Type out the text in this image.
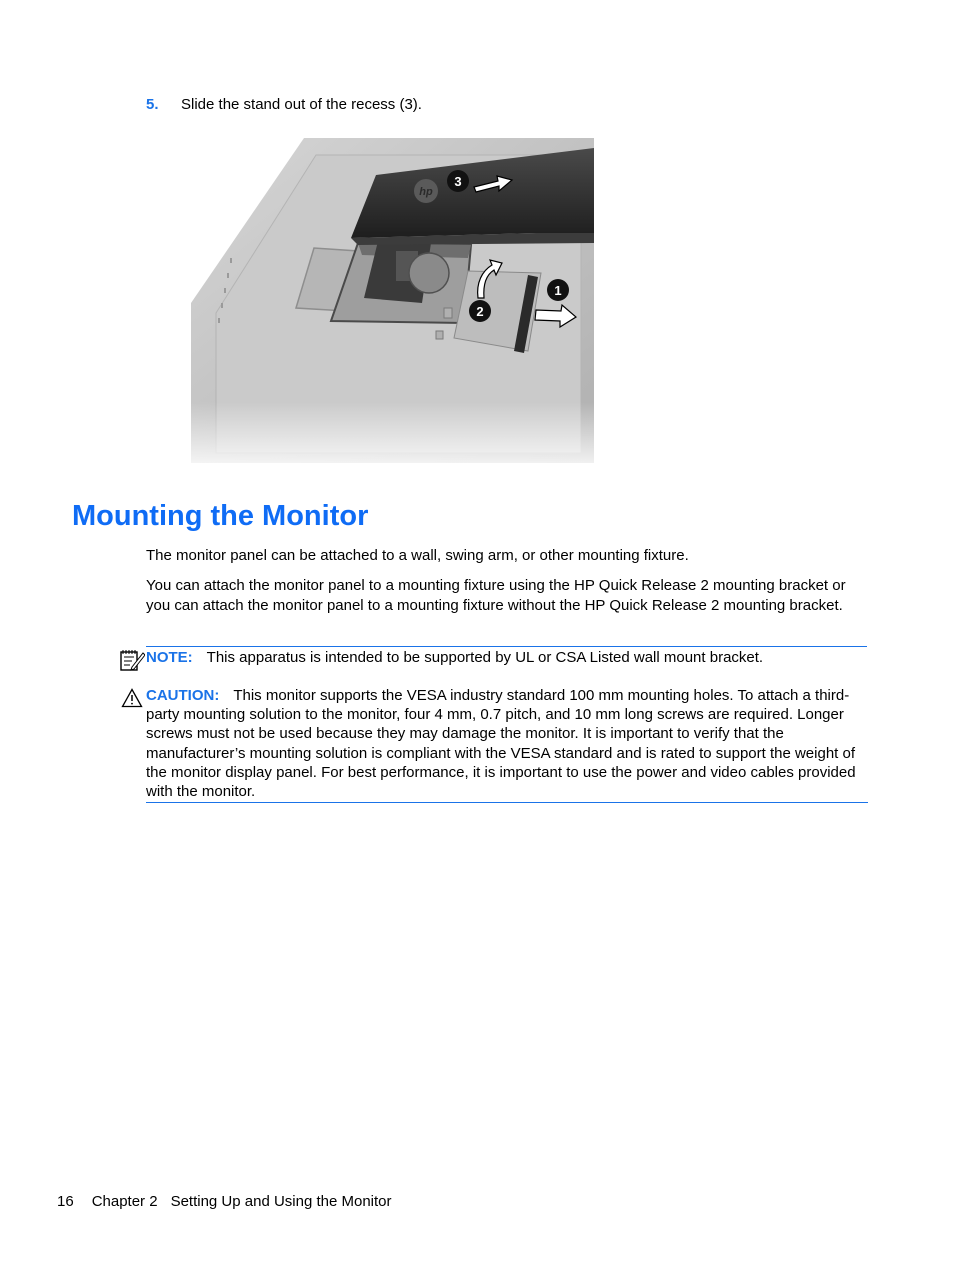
5. Slide the stand out of the recess (3).
Mounting the Monitor
The monitor panel can be attached to a wall, swing arm, or other mounting fixture.
You can attach the monitor panel to a mounting fixture using the HP Quick Release 2 mounting bracket or you can attach the monitor panel to a mounting fixture without the HP Quick Release 2 mounting bracket.
NOTE: This apparatus is intended to be supported by UL or CSA Listed wall mount bracket.
CAUTION: This monitor supports the VESA industry standard 100 mm mounting holes. To attach a third-party mounting solution to the monitor, four 4 mm, 0.7 pitch, and 10 mm long screws are required. Longer screws must not be used because they may damage the monitor. It is important to verify that the manufacturer’s mounting solution is compliant with the VESA standard and is rated to support the weight of the monitor display panel. For best performance, it is important to use the power and video cables provided with the monitor.
16 Chapter 2 Setting Up and Using the Monitor
